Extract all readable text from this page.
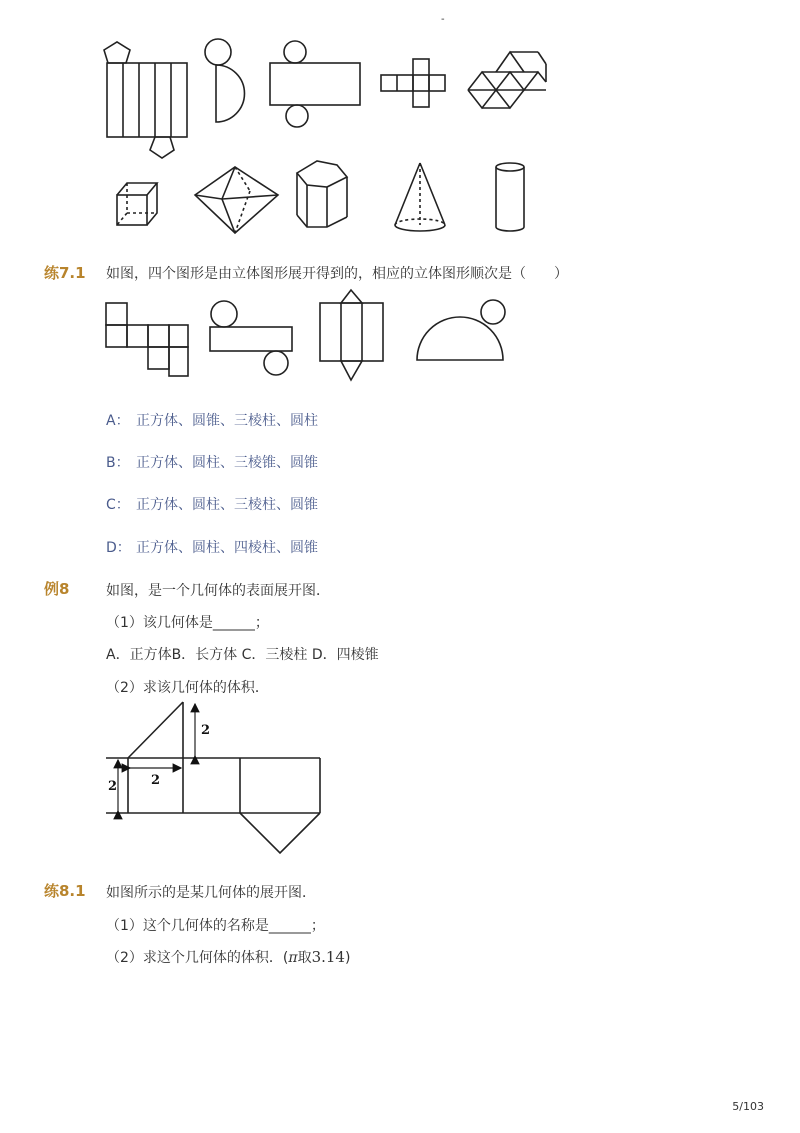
-
练7.1 如图，四个图形是由立体图形展开得到的，相应的立体图形顺次是（　　）
A： 正方体、圆锥、三棱柱、圆柱
B： 正方体、圆柱、三棱锥、圆锥
C： 正方体、圆柱、三棱柱、圆锥
D： 正方体、圆柱、四棱柱、圆锥
例8	如图，是一个几何体的表面展开图．
（1）该几何体是______；
A．正方体B．长方体 C．三棱柱 D．四棱锥
（2）求该几何体的体积．
2
2
2
练8.1 如图所示的是某几何体的展开图．
（1）这个几何体的名称是______；
（2）求这个几何体的体积．(π取3.14)
5/103
